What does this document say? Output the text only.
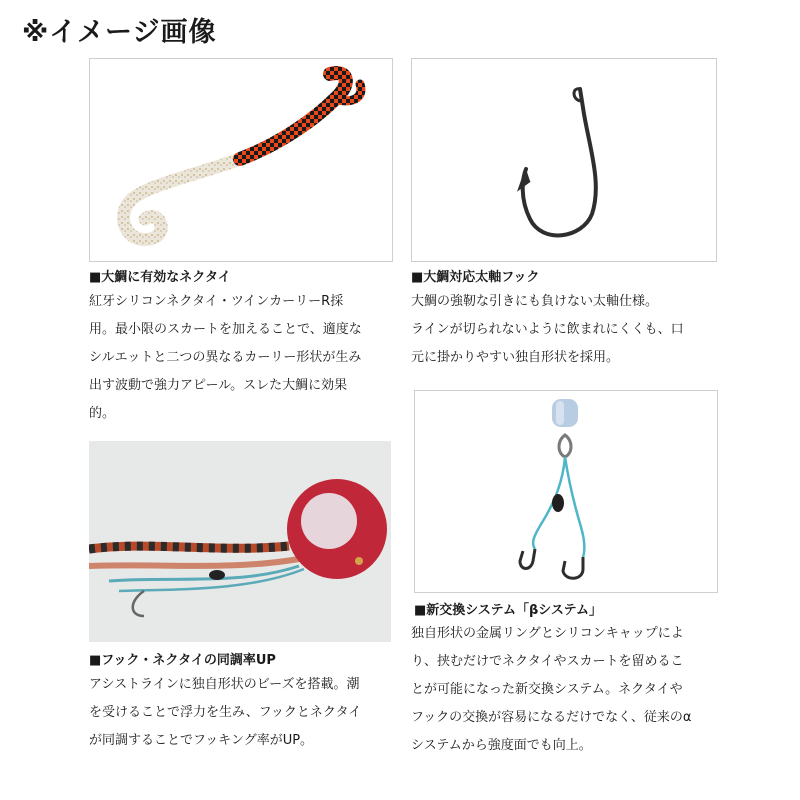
※イメージ画像
■大鯛に有効なネクタイ
紅牙シリコンネクタイ・ツインカーリーR採
用。最小限のスカートを加えることで、適度な
シルエットと二つの異なるカーリー形状が生み
出す波動で強力アピール。スレた大鯛に効果
的。
■大鯛対応太軸フック
大鯛の強靭な引きにも負けない太軸仕様。
ラインが切られないように飲まれにくくも、口
元に掛かりやすい独自形状を採用。
■フック・ネクタイの同調率UP
アシストラインに独自形状のビーズを搭載。潮
を受けることで浮力を生み、フックとネクタイ
が同調することでフッキング率がUP。
■新交換システム「βシステム」
独自形状の金属リングとシリコンキャップによ
り、挟むだけでネクタイやスカートを留めるこ
とが可能になった新交換システム。ネクタイや
フックの交換が容易になるだけでなく、従来のα
システムから強度面でも向上。
